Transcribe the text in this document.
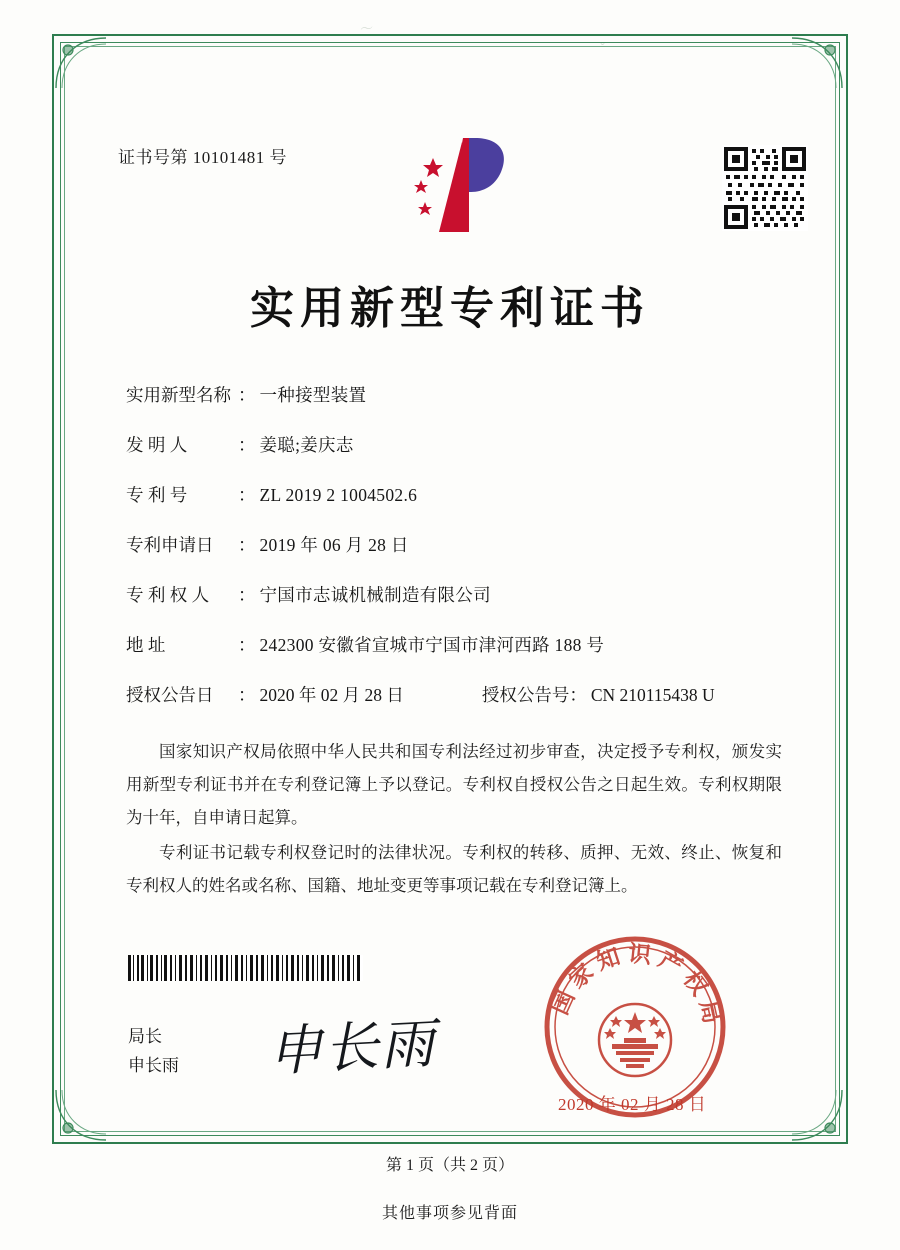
～
ˇ
证书号第 10101481 号
实用新型专利证书
实用新型名称 ： 一种接型装置
发 明 人	： 姜聪;姜庆志
专 利 号	： ZL 2019 2 1004502.6
专利申请日	： 2019 年 06 月 28 日
专 利 权 人	： 宁国市志诚机械制造有限公司
地 址	： 242300 安徽省宣城市宁国市津河西路 188 号
授权公告日	： 2020 年 02 月 28 日	授权公告号 ： CN 210115438 U

国家知识产权局依照中华人民共和国专利法经过初步审查，决定授予专利权，颁发实用新型专利证书并在专利登记簿上予以登记。专利权自授权公告之日起生效。专利权期限为十年，自申请日起算。

专利证书记载专利权登记时的法律状况。专利权的转移、质押、无效、终止、恢复和专利权人的姓名或名称、国籍、地址变更等事项记载在专利登记簿上。

局长
申长雨 申长雨
国家知识产权局
2020 年 02 月 28 日
第 1 页（共 2 页）
其他事项参见背面
